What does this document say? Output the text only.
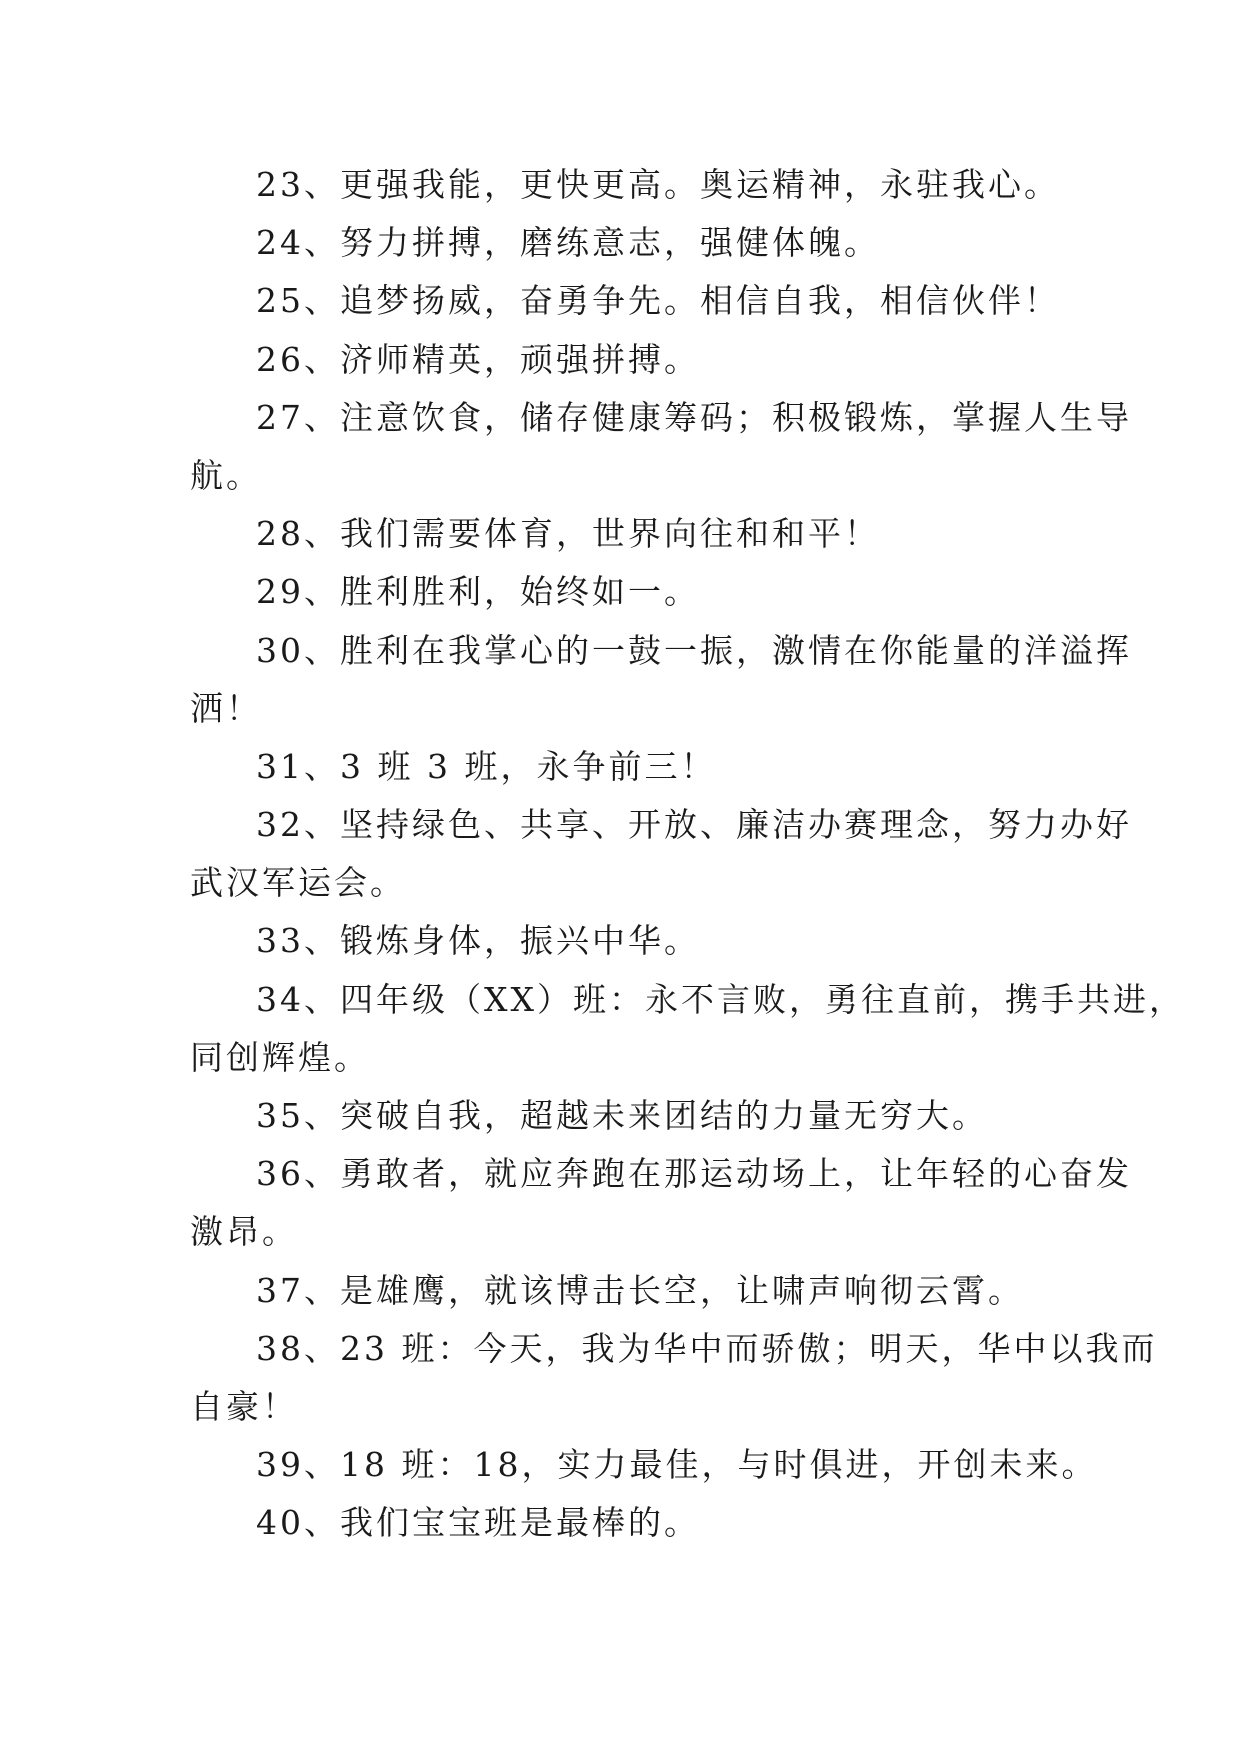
23、更强我能，更快更高。奥运精神，永驻我心。
24、努力拼搏，磨练意志，强健体魄。
25、追梦扬威，奋勇争先。相信自我，相信伙伴！
26、济师精英，顽强拼搏。
27、注意饮食，储存健康筹码；积极锻炼，掌握人生导
航。
28、我们需要体育，世界向往和和平！
29、胜利胜利，始终如一。
30、胜利在我掌心的一鼓一振，激情在你能量的洋溢挥
洒！
31、3 班 3 班，永争前三！
32、坚持绿色、共享、开放、廉洁办赛理念，努力办好
武汉军运会。
33、锻炼身体，振兴中华。
34、四年级（XX）班：永不言败，勇往直前，携手共进，
同创辉煌。
35、突破自我，超越未来团结的力量无穷大。
36、勇敢者，就应奔跑在那运动场上，让年轻的心奋发
激昂。
37、是雄鹰，就该博击长空，让啸声响彻云霄。
38、23 班：今天，我为华中而骄傲；明天，华中以我而
自豪！
39、18 班：18，实力最佳，与时俱进，开创未来。
40、我们宝宝班是最棒的。
